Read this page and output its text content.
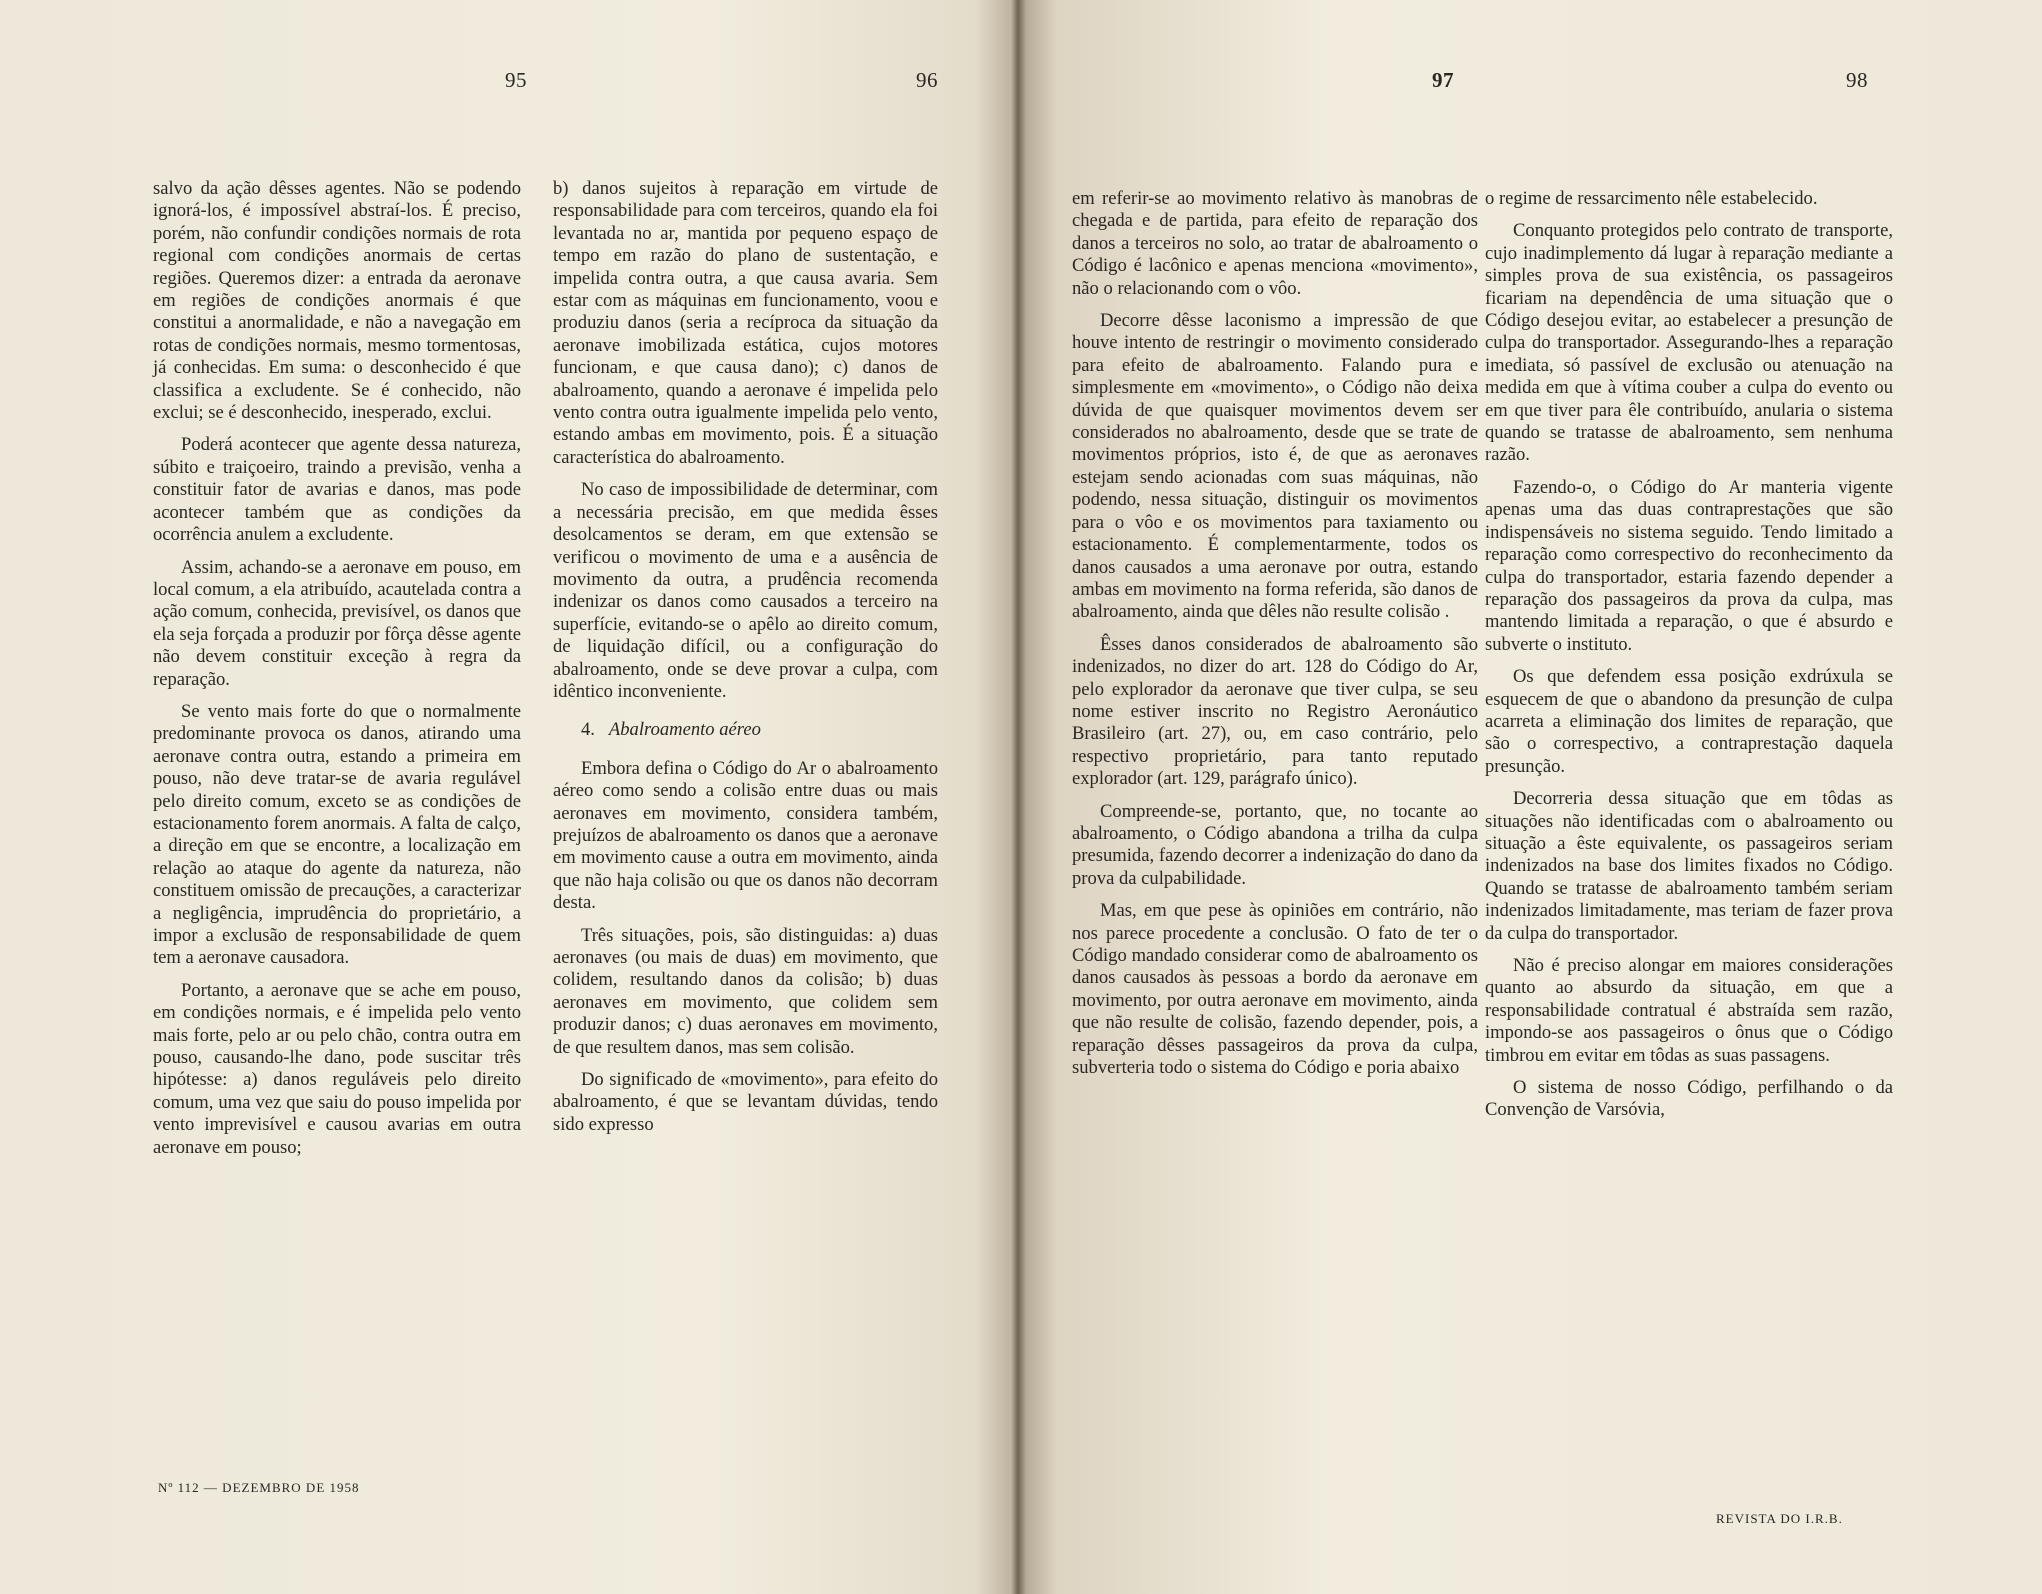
95	96	97	98

salvo da ação dêsses agentes. Não se podendo ignorá-los, é impossível abstraí-los. É preciso, porém, não confundir condições normais de rota regional com condições anormais de certas regiões. Queremos dizer: a entrada da aeronave em regiões de condições anormais é que constitui a anormalidade, e não a navegação em rotas de condições normais, mesmo tormentosas, já conhecidas. Em suma: o desconhecido é que classifica a excludente. Se é conhecido, não exclui; se é desconhecido, inesperado, exclui.

Poderá acontecer que agente dessa natureza, súbito e traiçoeiro, traindo a previsão, venha a constituir fator de avarias e danos, mas pode acontecer também que as condições da ocorrência anulem a excludente.

Assim, achando-se a aeronave em pouso, em local comum, a ela atribuído, acautelada contra a ação comum, conhecida, previsível, os danos que ela seja forçada a produzir por fôrça dêsse agente não devem constituir exceção à regra da reparação.

Se vento mais forte do que o normalmente predominante provoca os danos, atirando uma aeronave contra outra, estando a primeira em pouso, não deve tratar-se de avaria regulável pelo direito comum, exceto se as condições de estacionamento forem anormais. A falta de calço, a direção em que se encontre, a localização em relação ao ataque do agente da natureza, não constituem omissão de precauções, a caracterizar a negligência, imprudência do proprietário, a impor a exclusão de responsabilidade de quem tem a aeronave causadora.

Portanto, a aeronave que se ache em pouso, em condições normais, e é impelida pelo vento mais forte, pelo ar ou pelo chão, contra outra em pouso, causando-lhe dano, pode suscitar três hipótesse: a) danos reguláveis pelo direito comum, uma vez que saiu do pouso impelida por vento imprevisível e causou avarias em outra aeronave em pouso;

b) danos sujeitos à reparação em virtude de responsabilidade para com terceiros, quando ela foi levantada no ar, mantida por pequeno espaço de tempo em razão do plano de sustentação, e impelida contra outra, a que causa avaria. Sem estar com as máquinas em funcionamento, voou e produziu danos (seria a recíproca da situação da aeronave imobilizada estática, cujos motores funcionam, e que causa dano); c) danos de abalroamento, quando a aeronave é impelida pelo vento contra outra igualmente impelida pelo vento, estando ambas em movimento, pois. É a situação característica do abalroamento.

No caso de impossibilidade de determinar, com a necessária precisão, em que medida êsses desolcamentos se deram, em que extensão se verificou o movimento de uma e a ausência de movimento da outra, a prudência recomenda indenizar os danos como causados a terceiro na superfície, evitando-se o apêlo ao direito comum, de liquidação difícil, ou a configuração do abalroamento, onde se deve provar a culpa, com idêntico inconveniente.

4. Abalroamento aéreo

Embora defina o Código do Ar o abalroamento aéreo como sendo a colisão entre duas ou mais aeronaves em movimento, considera também, prejuízos de abalroamento os danos que a aeronave em movimento cause a outra em movimento, ainda que não haja colisão ou que os danos não decorram desta.

Três situações, pois, são distinguidas: a) duas aeronaves (ou mais de duas) em movimento, que colidem, resultando danos da colisão; b) duas aeronaves em movimento, que colidem sem produzir danos; c) duas aeronaves em movimento, de que resultem danos, mas sem colisão.

Do significado de «movimento», para efeito do abalroamento, é que se levantam dúvidas, tendo sido expresso

em referir-se ao movimento relativo às manobras de chegada e de partida, para efeito de reparação dos danos a terceiros no solo, ao tratar de abalroamento o Código é lacônico e apenas menciona «movimento», não o relacionando com o vôo.

Decorre dêsse laconismo a impressão de que houve intento de restringir o movimento considerado para efeito de abalroamento. Falando pura e simplesmente em «movimento», o Código não deixa dúvida de que quaisquer movimentos devem ser considerados no abalroamento, desde que se trate de movimentos próprios, isto é, de que as aeronaves estejam sendo acionadas com suas máquinas, não podendo, nessa situação, distinguir os movimentos para o vôo e os movimentos para taxiamento ou estacionamento. É complementarmente, todos os danos causados a uma aeronave por outra, estando ambas em movimento na forma referida, são danos de abalroamento, ainda que dêles não resulte colisão .

Êsses danos considerados de abalroamento são indenizados, no dizer do art. 128 do Código do Ar, pelo explorador da aeronave que tiver culpa, se seu nome estiver inscrito no Registro Aeronáutico Brasileiro (art. 27), ou, em caso contrário, pelo respectivo proprietário, para tanto reputado explorador (art. 129, parágrafo único).

Compreende-se, portanto, que, no tocante ao abalroamento, o Código abandona a trilha da culpa presumida, fazendo decorrer a indenização do dano da prova da culpabilidade.

Mas, em que pese às opiniões em contrário, não nos parece procedente a conclusão. O fato de ter o Código mandado considerar como de abalroamento os danos causados às pessoas a bordo da aeronave em movimento, por outra aeronave em movimento, ainda que não resulte de colisão, fazendo depender, pois, a reparação dêsses passageiros da prova da culpa, subverteria todo o sistema do Código e poria abaixo

o regime de ressarcimento nêle estabelecido.

Conquanto protegidos pelo contrato de transporte, cujo inadimplemento dá lugar à reparação mediante a simples prova de sua existência, os passageiros ficariam na dependência de uma situação que o Código desejou evitar, ao estabelecer a presunção de culpa do transportador. Assegurando-lhes a reparação imediata, só passível de exclusão ou atenuação na medida em que à vítima couber a culpa do evento ou em que tiver para êle contribuído, anularia o sistema quando se tratasse de abalroamento, sem nenhuma razão.

Fazendo-o, o Código do Ar manteria vigente apenas uma das duas contraprestações que são indispensáveis no sistema seguido. Tendo limitado a reparação como correspectivo do reconhecimento da culpa do transportador, estaria fazendo depender a reparação dos passageiros da prova da culpa, mas mantendo limitada a reparação, o que é absurdo e subverte o instituto.

Os que defendem essa posição exdrúxula se esquecem de que o abandono da presunção de culpa acarreta a eliminação dos limites de reparação, que são o correspectivo, a contraprestação daquela presunção.

Decorreria dessa situação que em tôdas as situações não identificadas com o abalroamento ou situação a êste equivalente, os passageiros seriam indenizados na base dos limites fixados no Código. Quando se tratasse de abalroamento também seriam indenizados limitadamente, mas teriam de fazer prova da culpa do transportador.

Não é preciso alongar em maiores considerações quanto ao absurdo da situação, em que a responsabilidade contratual é abstraída sem razão, impondo-se aos passageiros o ônus que o Código timbrou em evitar em tôdas as suas passagens.

O sistema de nosso Código, perfilhando o da Convenção de Varsóvia,

Nº 112 — DEZEMBRO DE 1958
REVISTA DO I.R.B.
